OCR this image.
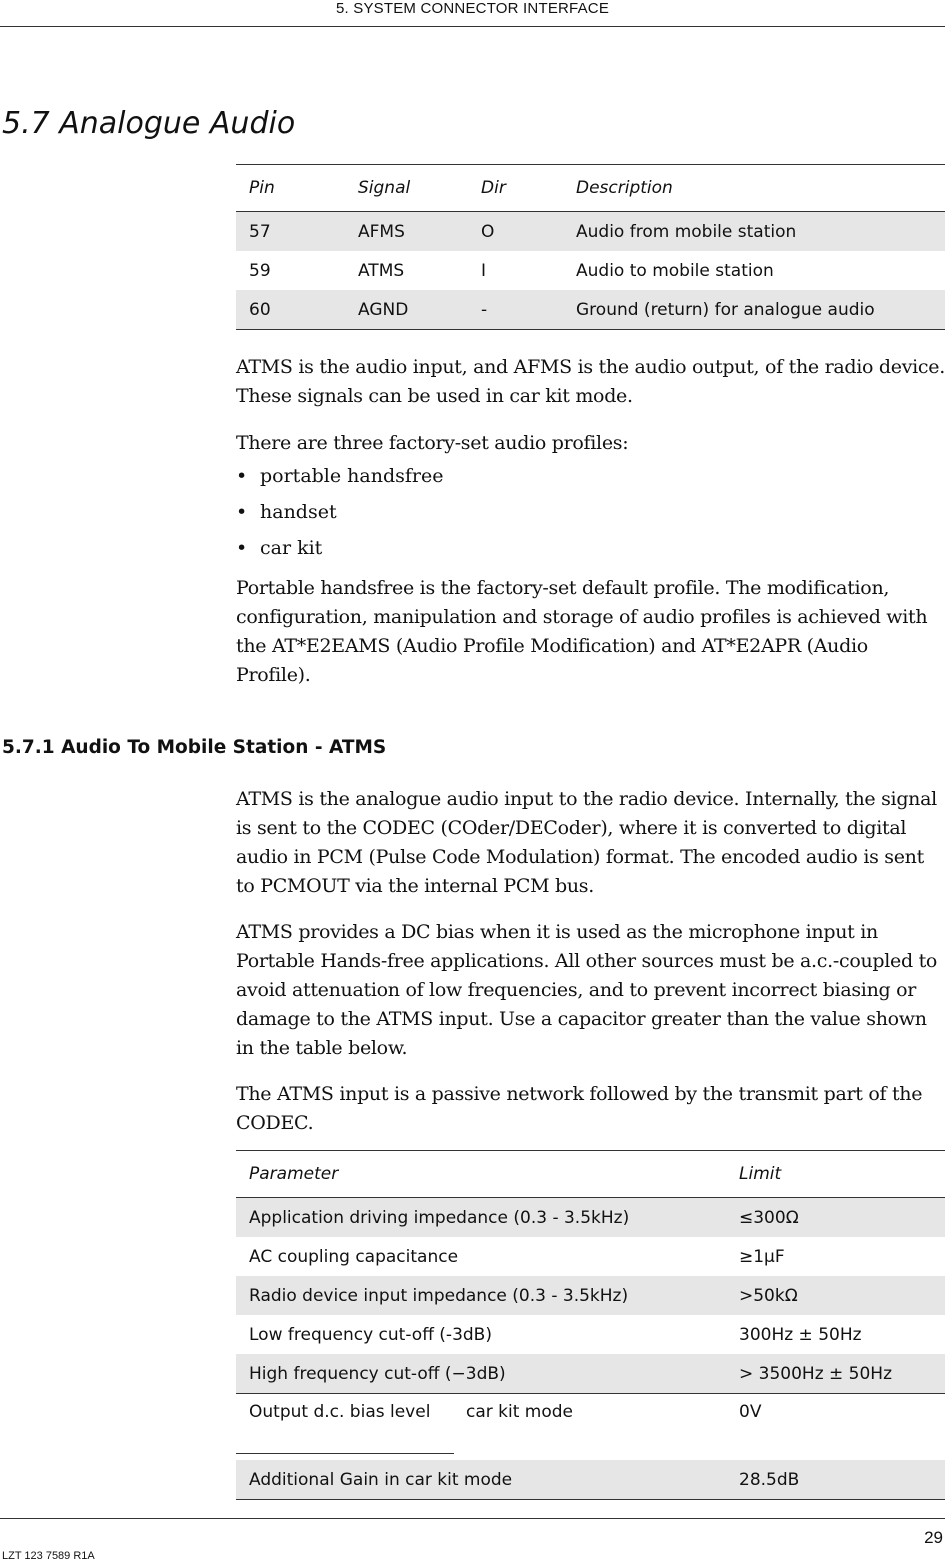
5. SYSTEM CONNECTOR INTERFACE
5.7 Analogue Audio
Pin	Signal	Dir	Description
57	AFMS	O	Audio from mobile station
59	ATMS	I	Audio to mobile station
60	AGND	-	Ground (return) for analogue audio

ATMS is the audio input, and AFMS is the audio output, of the radio device. These signals can be used in car kit mode.

There are three factory-set audio profiles:

• portable handsfree
• handset
• car kit

Portable handsfree is the factory-set default profile. The modification, configuration, manipulation and storage of audio profiles is achieved with the AT*E2EAMS (Audio Profile Modification) and AT*E2APR (Audio Profile).

5.7.1 Audio To Mobile Station - ATMS

ATMS is the analogue audio input to the radio device. Internally, the signal is sent to the CODEC (COder/DECoder), where it is converted to digital audio in PCM (Pulse Code Modulation) format. The encoded audio is sent to PCMOUT via the internal PCM bus.

ATMS provides a DC bias when it is used as the microphone input in Portable Hands-free applications. All other sources must be a.c.-coupled to avoid attenuation of low frequencies, and to prevent incorrect biasing or damage to the ATMS input. Use a capacitor greater than the value shown in the table below.

The ATMS input is a passive network followed by the transmit part of the CODEC.

Parameter		Limit
Application driving impedance (0.3 - 3.5kHz)		≤300Ω
AC coupling capacitance		≥1μF
Radio device input impedance (0.3 - 3.5kHz)		>50kΩ
Low frequency cut-off (-3dB)		300Hz ± 50Hz
High frequency cut-off (−3dB)		> 3500Hz ± 50Hz
Output d.c. bias level	car kit mode	0V
Additional Gain in car kit mode		28.5dB
29
LZT 123 7589 R1A
